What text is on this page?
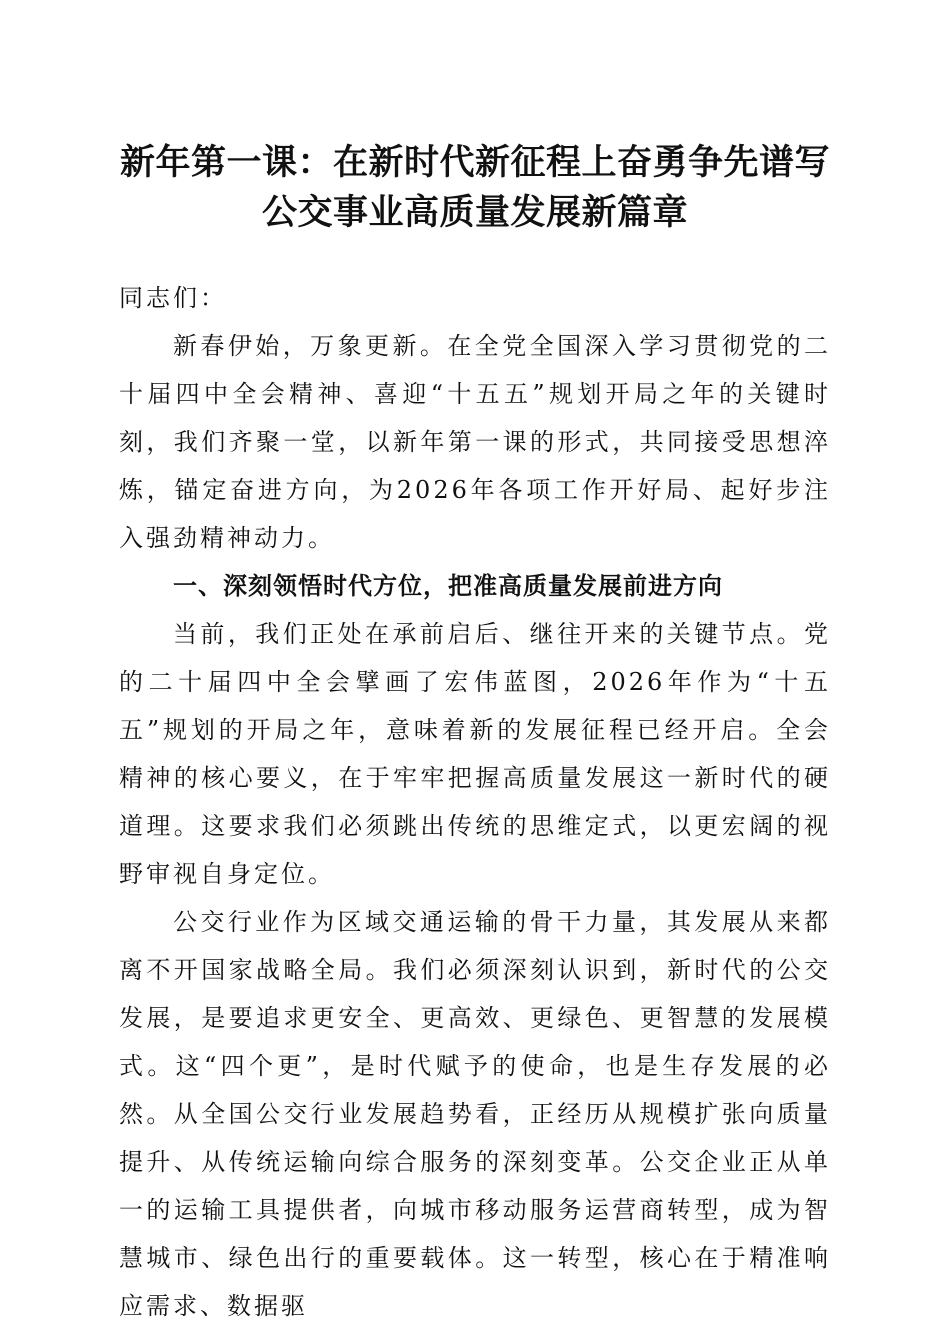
新年第一课：在新时代新征程上奋勇争先谱写
公交事业高质量发展新篇章

同志们：

新春伊始，万象更新。在全党全国深入学习贯彻党的二十届四中全会精神、喜迎“十五五”规划开局之年的关键时刻，我们齐聚一堂，以新年第一课的形式，共同接受思想淬炼，锚定奋进方向，为2026年各项工作开好局、起好步注入强劲精神动力。

一、深刻领悟时代方位，把准高质量发展前进方向

当前，我们正处在承前启后、继往开来的关键节点。党的二十届四中全会擘画了宏伟蓝图，2026年作为“十五五”规划的开局之年，意味着新的发展征程已经开启。全会精神的核心要义，在于牢牢把握高质量发展这一新时代的硬道理。这要求我们必须跳出传统的思维定式，以更宏阔的视野审视自身定位。

公交行业作为区域交通运输的骨干力量，其发展从来都离不开国家战略全局。我们必须深刻认识到，新时代的公交发展，是要追求更安全、更高效、更绿色、更智慧的发展模式。这“四个更”，是时代赋予的使命，也是生存发展的必然。从全国公交行业发展趋势看，正经历从规模扩张向质量提升、从传统运输向综合服务的深刻变革。公交企业正从单一的运输工具提供者，向城市移动服务运营商转型，成为智慧城市、绿色出行的重要载体。这一转型，核心在于精准响应需求、数据驱
